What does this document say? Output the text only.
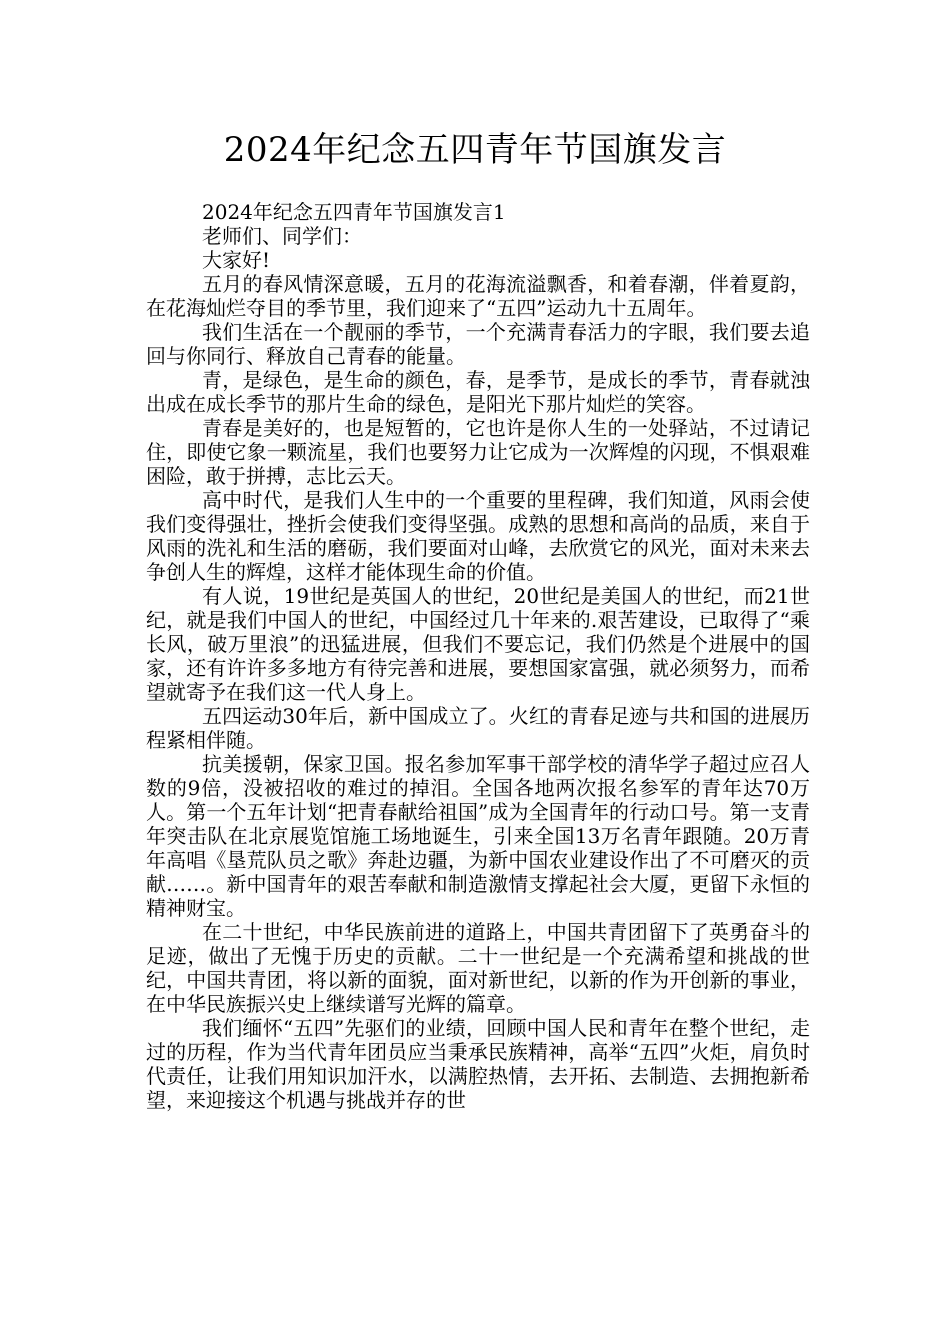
2024年纪念五四青年节国旗发言

2024年纪念五四青年节国旗发言1

老师们、同学们：

大家好!

五月的春风情深意暖，五月的花海流溢飘香，和着春潮，伴着夏韵，在花海灿烂夺目的季节里，我们迎来了“五四”运动九十五周年。

我们生活在一个靓丽的季节，一个充满青春活力的字眼，我们要去追回与你同行、释放自己青春的能量。

青，是绿色，是生命的颜色，春，是季节，是成长的季节，青春就浊出成在成长季节的那片生命的绿色，是阳光下那片灿烂的笑容。

青春是美好的，也是短暂的，它也许是你人生的一处驿站，不过请记住，即使它象一颗流星，我们也要努力让它成为一次辉煌的闪现，不惧艰难困险，敢于拼搏，志比云天。

高中时代，是我们人生中的一个重要的里程碑，我们知道，风雨会使我们变得强壮，挫折会使我们变得坚强。成熟的思想和高尚的品质，来自于风雨的洗礼和生活的磨砺，我们要面对山峰，去欣赏它的风光，面对未来去争创人生的辉煌，这样才能体现生命的价值。

有人说，19世纪是英国人的世纪，20世纪是美国人的世纪，而21世纪，就是我们中国人的世纪，中国经过几十年来的.艰苦建设，已取得了“乘长风，破万里浪”的迅猛进展，但我们不要忘记，我们仍然是个进展中的国家，还有许许多多地方有待完善和进展，要想国家富强，就必须努力，而希望就寄予在我们这一代人身上。

五四运动30年后，新中国成立了。火红的青春足迹与共和国的进展历程紧相伴随。

抗美援朝，保家卫国。报名参加军事干部学校的清华学子超过应召人数的9倍，没被招收的难过的掉泪。全国各地两次报名参军的青年达70万人。第一个五年计划“把青春献给祖国”成为全国青年的行动口号。第一支青年突击队在北京展览馆施工场地诞生，引来全国13万名青年跟随。20万青年高唱《垦荒队员之歌》奔赴边疆，为新中国农业建设作出了不可磨灭的贡献……。新中国青年的艰苦奉献和制造激情支撑起社会大厦，更留下永恒的精神财宝。

在二十世纪，中华民族前进的道路上，中国共青团留下了英勇奋斗的足迹，做出了无愧于历史的贡献。二十一世纪是一个充满希望和挑战的世纪，中国共青团，将以新的面貌，面对新世纪，以新的作为开创新的事业，在中华民族振兴史上继续谱写光辉的篇章。

我们缅怀“五四”先驱们的业绩，回顾中国人民和青年在整个世纪，走过的历程，作为当代青年团员应当秉承民族精神，高举“五四”火炬，肩负时代责任，让我们用知识加汗水，以满腔热情，去开拓、去制造、去拥抱新希望，来迎接这个机遇与挑战并存的世
